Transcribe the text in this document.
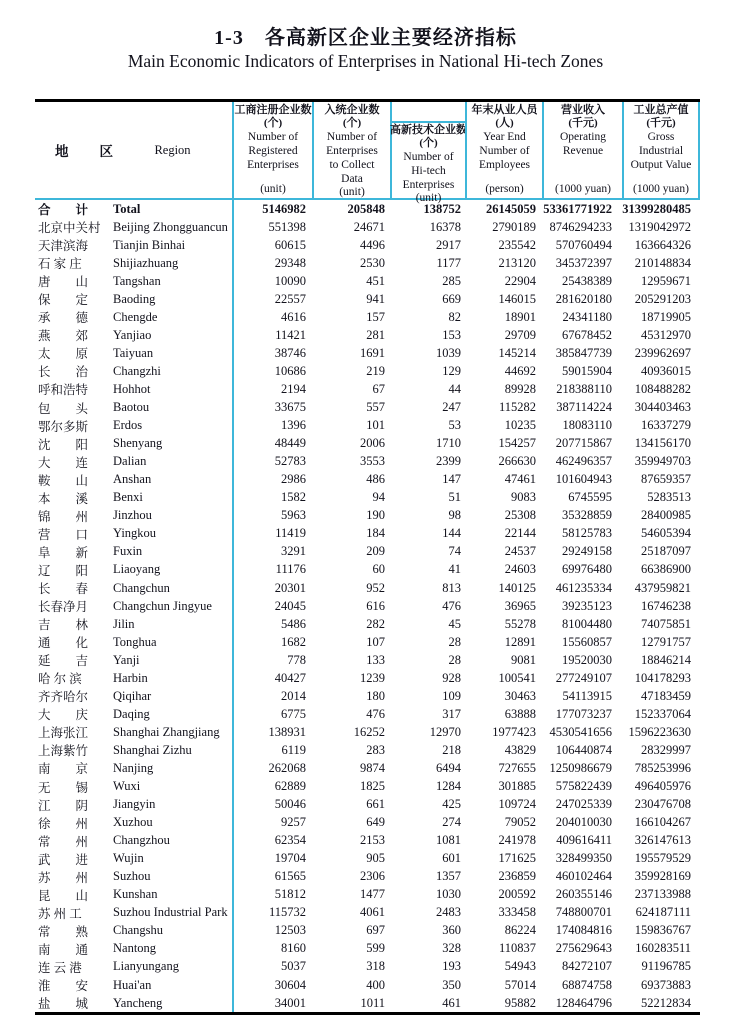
1-3　各高新区企业主要经济指标
Main Economic Indicators of Enterprises in National Hi-tech Zones
地　区	Region
工商注册企业数
(个)
Number of
Registered
Enterprises
(unit)
入统企业数
(个)
Number of
Enterprises
to Collect
Data
(unit)
高新技术企业数
(个)
Number of
Hi-tech
Enterprises
(unit)
年末从业人员
(人)
Year End
Number of
Employees
(person)
营业收入
(千元)
Operating
Revenue
(1000 yuan)
工业总产值
(千元)
Gross
Industrial
Output Value
(1000 yuan)
合　　计	Total	5146982	205848	138752	26145059 53361771922 31399280485
北京中关村 Beijing Zhongguancun	551398	24671	16378	2790189	8746294233	1319042972
天津滨海	Tianjin Binhai	60615	4496	2917	235542	570760494	163664326
石 家 庄	Shijiazhuang	29348	2530	1177	213120	345372397	210148834
唐　　山	Tangshan	10090	451	285	22904	25438389	12959671
保　　定	Baoding	22557	941	669	146015	281620180	205291203
承　　德	Chengde	4616	157	82	18901	24341180	18719905
燕　　郊	Yanjiao	11421	281	153	29709	67678452	45312970
太　　原	Taiyuan	38746	1691	1039	145214	385847739	239962697
长　　治	Changzhi	10686	219	129	44692	59015904	40936015
呼和浩特	Hohhot	2194	67	44	89928	218388110	108488282
包　　头	Baotou	33675	557	247	115282	387114224	304403463
鄂尔多斯	Erdos	1396	101	53	10235	18083110	16337279
沈　　阳	Shenyang	48449	2006	1710	154257	207715867	134156170
大　　连	Dalian	52783	3553	2399	266630	462496357	359949703
鞍　　山	Anshan	2986	486	147	47461	101604943	87659357
本　　溪	Benxi	1582	94	51	9083	6745595	5283513
锦　　州	Jinzhou	5963	190	98	25308	35328859	28400985
营　　口	Yingkou	11419	184	144	22144	58125783	54605394
阜　　新	Fuxin	3291	209	74	24537	29249158	25187097
辽　　阳	Liaoyang	11176	60	41	24603	69976480	66386900
长　　春	Changchun	20301	952	813	140125	461235334	437959821
长春净月	Changchun Jingyue	24045	616	476	36965	39235123	16746238
吉　　林	Jilin	5486	282	45	55278	81004480	74075851
通　　化	Tonghua	1682	107	28	12891	15560857	12791757
延　　吉	Yanji	778	133	28	9081	19520030	18846214
哈 尔 滨	Harbin	40427	1239	928	100541	277249107	104178293
齐齐哈尔	Qiqihar	2014	180	109	30463	54113915	47183459
大　　庆	Daqing	6775	476	317	63888	177073237	152337064
上海张江	Shanghai Zhangjiang	138931	16252	12970	1977423	4530541656	1596223630
上海紫竹	Shanghai Zizhu	6119	283	218	43829	106440874	28329997
南　　京	Nanjing	262068	9874	6494	727655	1250986679	785253996
无　　锡	Wuxi	62889	1825	1284	301885	575822439	496405976
江　　阴	Jiangyin	50046	661	425	109724	247025339	230476708
徐　　州	Xuzhou	9257	649	274	79052	204010030	166104267
常　　州	Changzhou	62354	2153	1081	241978	409616411	326147613
武　　进	Wujin	19704	905	601	171625	328499350	195579529
苏　　州	Suzhou	61565	2306	1357	236859	460102464	359928169
昆　　山	Kunshan	51812	1477	1030	200592	260355146	237133988
苏 州 工	Suzhou Industrial Park	115732	4061	2483	333458	748800701	624187111
常　　熟	Changshu	12503	697	360	86224	174084816	159836767
南　　通	Nantong	8160	599	328	110837	275629643	160283511
连 云 港	Lianyungang	5037	318	193	54943	84272107	91196785
淮　　安	Huai'an	30604	400	350	57014	68874758	69373883
盐　　城	Yancheng	34001	1011	461	95882	128464796	52212834
